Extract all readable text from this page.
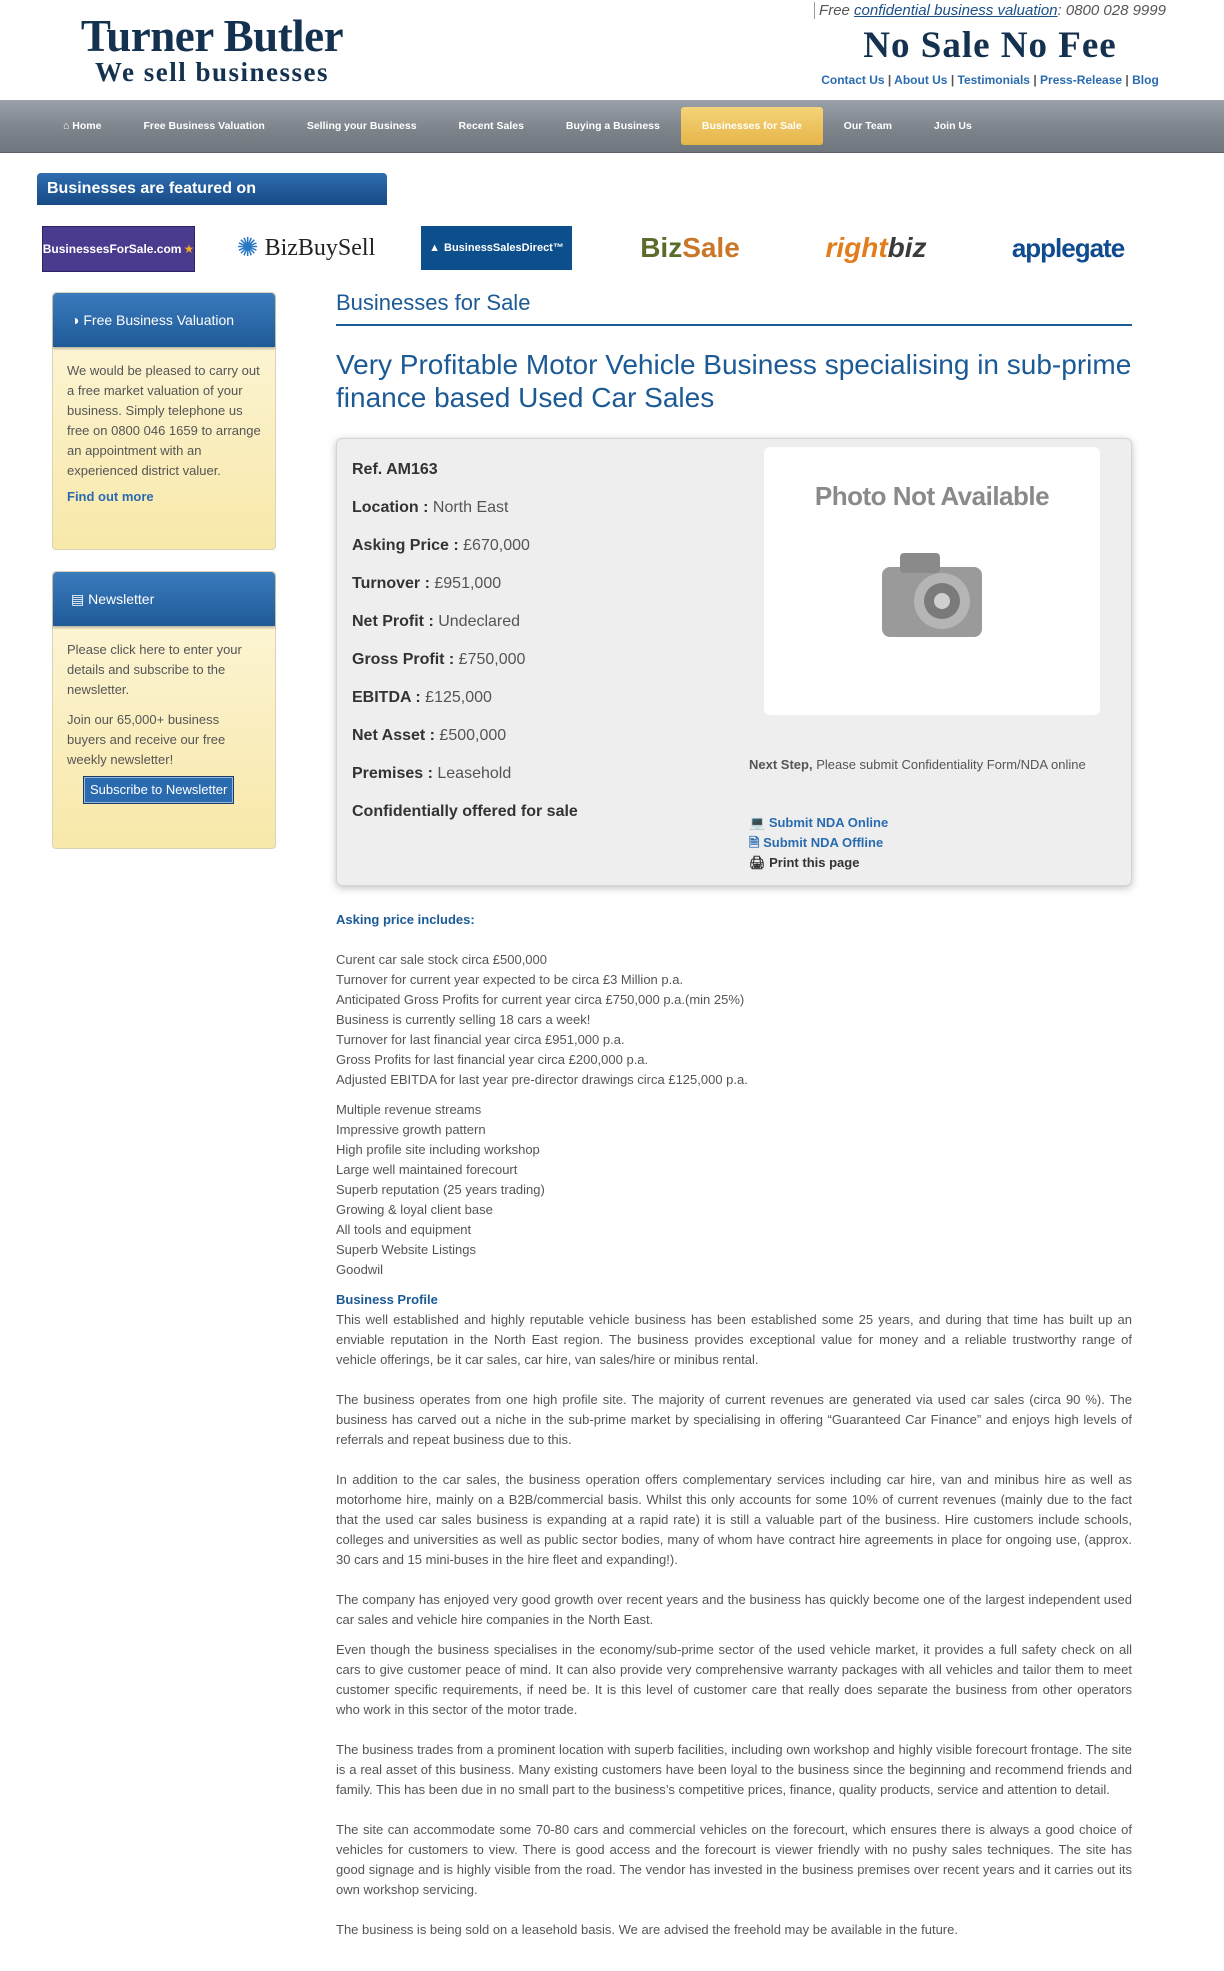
Turner Butler
We sell businesses
Free confidential business valuation: 0800 028 9999
No Sale No Fee
Contact Us | About Us | Testimonials | Press-Release | Blog
⌂ Home	Free Business Valuation	Selling your Business	Recent Sales	Buying a Business	Businesses for Sale	Our Team	Join Us
Businesses are featured on
BusinessesForSale.com ★ ✺ BizBuySell	▲ BusinessSalesDirect™	Biz Sale	right biz	applegate
◑ Free Business Valuation
We would be pleased to carry out a free market valuation of your business. Simply telephone us free on 0800 046 1659 to arrange an appointment with an experienced district valuer.
Find out more
▤ Newsletter
Please click here to enter your details and subscribe to the newsletter.
Join our 65,000+ business buyers and receive our free weekly newsletter!
Subscribe to Newsletter
Businesses for Sale
Very Profitable Motor Vehicle Business specialising in sub-prime finance based Used Car Sales
Ref. AM163
Location : North East
Asking Price : £670,000
Turnover : £951,000
Net Profit : Undeclared
Gross Profit : £750,000
EBITDA : £125,000
Net Asset : £500,000
Premises : Leasehold
Confidentially offered for sale
Photo Not Available
Next Step, Please submit Confidentiality Form/NDA online
💻 Submit NDA Online
🗎 Submit NDA Offline
🖨 Print this page
Asking price includes:
Curent car sale stock circa £500,000
Turnover for current year expected to be circa £3 Million p.a.
Anticipated Gross Profits for current year circa £750,000 p.a.(min 25%)
Business is currently selling 18 cars a week!
Turnover for last financial year circa £951,000 p.a.
Gross Profits for last financial year circa £200,000 p.a.
Adjusted EBITDA for last year pre-director drawings circa £125,000 p.a.
Multiple revenue streams
Impressive growth pattern
High profile site including workshop
Large well maintained forecourt
Superb reputation (25 years trading)
Growing & loyal client base
All tools and equipment
Superb Website Listings
Goodwil
Business Profile

This well established and highly reputable vehicle business has been established some 25 years, and during that time has built up an enviable reputation in the North East region. The business provides exceptional value for money and a reliable trustworthy range of vehicle offerings, be it car sales, car hire, van sales/hire or minibus rental.

The business operates from one high profile site. The majority of current revenues are generated via used car sales (circa 90 %). The business has carved out a niche in the sub-prime market by specialising in offering “Guaranteed Car Finance” and enjoys high levels of referrals and repeat business due to this.

In addition to the car sales, the business operation offers complementary services including car hire, van and minibus hire as well as motorhome hire, mainly on a B2B/commercial basis. Whilst this only accounts for some 10% of current revenues (mainly due to the fact that the used car sales business is expanding at a rapid rate) it is still a valuable part of the business. Hire customers include schools, colleges and universities as well as public sector bodies, many of whom have contract hire agreements in place for ongoing use, (approx. 30 cars and 15 mini-buses in the hire fleet and expanding!).

The company has enjoyed very good growth over recent years and the business has quickly become one of the largest independent used car sales and vehicle hire companies in the North East.

Even though the business specialises in the economy/sub-prime sector of the used vehicle market, it provides a full safety check on all cars to give customer peace of mind. It can also provide very comprehensive warranty packages with all vehicles and tailor them to meet customer specific requirements, if need be. It is this level of customer care that really does separate the business from other operators who work in this sector of the motor trade.

The business trades from a prominent location with superb facilities, including own workshop and highly visible forecourt frontage. The site is a real asset of this business. Many existing customers have been loyal to the business since the beginning and recommend friends and family. This has been due in no small part to the business’s competitive prices, finance, quality products, service and attention to detail.

The site can accommodate some 70-80 cars and commercial vehicles on the forecourt, which ensures there is always a good choice of vehicles for customers to view. There is good access and the forecourt is viewer friendly with no pushy sales techniques. The site has good signage and is highly visible from the road. The vendor has invested in the business premises over recent years and it carries out its own workshop servicing.

The business is being sold on a leasehold basis. We are advised the freehold may be available in the future.
